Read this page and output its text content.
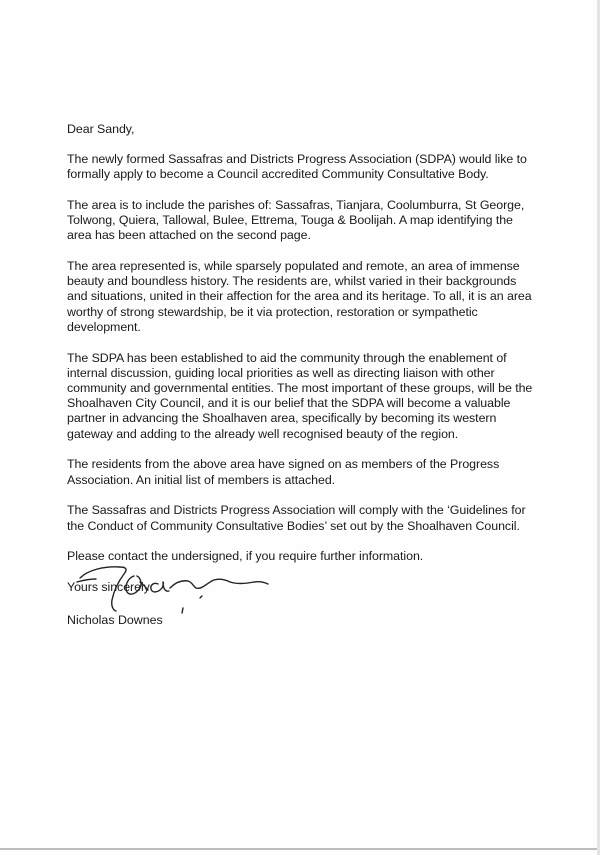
Dear Sandy,

The newly formed Sassafras and Districts Progress Association (SDPA) would like to formally apply to become a Council accredited Community Consultative Body.

The area is to include the parishes of: Sassafras, Tianjara, Coolumburra, St George, Tolwong, Quiera, Tallowal, Bulee, Ettrema, Touga & Boolijah. A map identifying the area has been attached on the second page.

The area represented is, while sparsely populated and remote, an area of immense beauty and boundless history. The residents are, whilst varied in their backgrounds and situations, united in their affection for the area and its heritage. To all, it is an area worthy of strong stewardship, be it via protection, restoration or sympathetic development.

The SDPA has been established to aid the community through the enablement of internal discussion, guiding local priorities as well as directing liaison with other community and governmental entities. The most important of these groups, will be the Shoalhaven City Council, and it is our belief that the SDPA will become a valuable partner in advancing the Shoalhaven area, specifically by becoming its western gateway and adding to the already well recognised beauty of the region.

The residents from the above area have signed on as members of the Progress Association. An initial list of members is attached.

The Sassafras and Districts Progress Association will comply with the ‘Guidelines for the Conduct of Community Consultative Bodies’ set out by the Shoalhaven Council.

Please contact the undersigned, if you require further information.

Yours sincerely

Nicholas Downes
